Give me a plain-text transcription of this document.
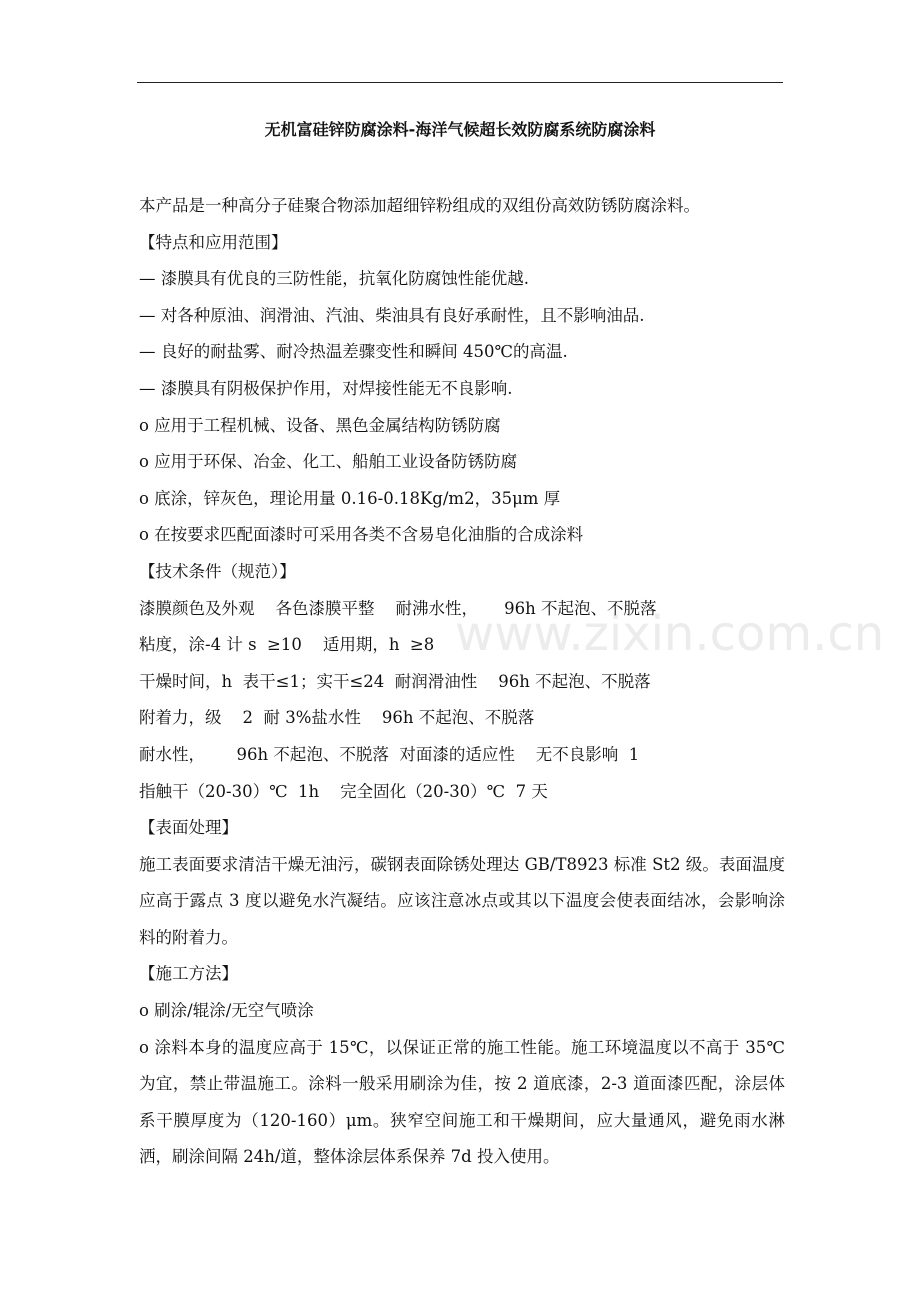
无机富硅锌防腐涂料-海洋气候超长效防腐系统防腐涂料
本产品是一种高分子硅聚合物添加超细锌粉组成的双组份高效防锈防腐涂料。
【特点和应用范围】
— 漆膜具有优良的三防性能，抗氧化防腐蚀性能优越.
— 对各种原油、润滑油、汽油、柴油具有良好承耐性，且不影响油品.
— 良好的耐盐雾、耐冷热温差骤变性和瞬间 450℃的高温.
— 漆膜具有阴极保护作用，对焊接性能无不良影响.
o 应用于工程机械、设备、黑色金属结构防锈防腐
o 应用于环保、冶金、化工、船舶工业设备防锈防腐
o 底涂，锌灰色，理论用量 0.16-0.18Kg/m2，35μm 厚
o 在按要求匹配面漆时可采用各类不含易皂化油脂的合成涂料
【技术条件（规范）】
漆膜颜色及外观    各色漆膜平整    耐沸水性，     96h 不起泡、不脱落
粘度，涂-4 计 s  ≥10    适用期，h  ≥8
干燥时间，h  表干≤1；实干≤24  耐润滑油性    96h 不起泡、不脱落
附着力，级    2  耐 3%盐水性    96h 不起泡、不脱落
耐水性，      96h 不起泡、不脱落  对面漆的适应性    无不良影响  1
指触干（20-30）℃  1h    完全固化（20-30）℃  7 天
【表面处理】

施工表面要求清洁干燥无油污，碳钢表面除锈处理达 GB/T8923 标准 St2 级。表面温度应高于露点 3 度以避免水汽凝结。应该注意冰点或其以下温度会使表面结冰，会影响涂料的附着力。

【施工方法】
o 刷涂/辊涂/无空气喷涂

o 涂料本身的温度应高于 15℃，以保证正常的施工性能。施工环境温度以不高于 35℃为宜，禁止带温施工。涂料一般采用刷涂为佳，按 2 道底漆，2-3 道面漆匹配，涂层体系干膜厚度为（120-160）μm。狭窄空间施工和干燥期间，应大量通风，避免雨水淋洒，刷涂间隔 24h/道，整体涂层体系保养 7d 投入使用。

www.zixin.com.cn
